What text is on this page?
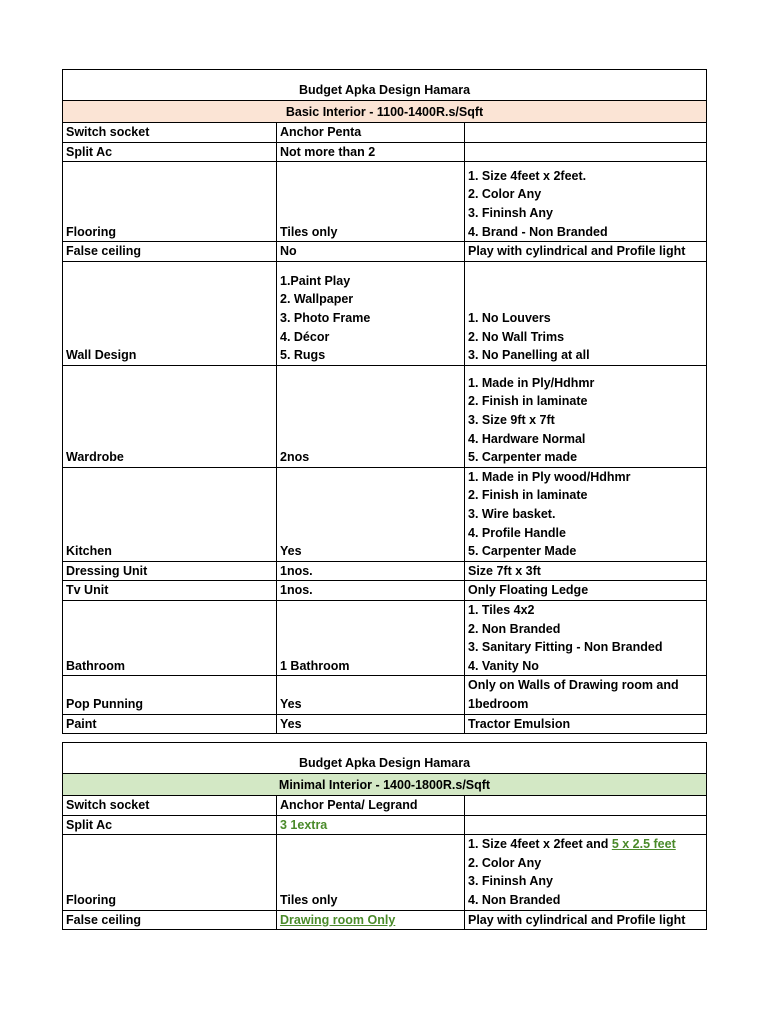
Budget Apka Design Hamara		
Basic Interior - 1100-1400R.s/Sqft		
Switch socket	Anchor Penta	
Split Ac	Not more than 2	
Flooring	Tiles only	1. Size 4feet x 2feet.
2. Color Any
3. Fininsh Any
4. Brand - Non Branded

False ceiling	No	Play with cylindrical and Profile light
Wall Design	1.Paint Play
2. Wallpaper
3. Photo Frame
4. Décor
5. Rugs	1. No Louvers
2. No Wall Trims
3. No Panelling at all

Wardrobe	2nos	1. Made in Ply/Hdhmr
2. Finish in laminate
3. Size 9ft x 7ft
4. Hardware Normal
5. Carpenter made

Kitchen	Yes	1. Made in Ply wood/Hdhmr
2. Finish in laminate
3. Wire basket.
4. Profile Handle
5. Carpenter Made

Dressing Unit	1nos.	Size 7ft x 3ft
Tv Unit	1nos.	Only Floating Ledge
Bathroom	1 Bathroom	1. Tiles 4x2
2. Non Branded
3. Sanitary Fitting - Non Branded
4. Vanity No

Pop Punning	Yes	Only on Walls of Drawing room and
1bedroom

Paint	Yes	Tractor Emulsion
Budget Apka Design Hamara		
Minimal Interior - 1400-1800R.s/Sqft		
Switch socket	Anchor Penta/ Legrand	
Split Ac	3 1extra	
Flooring	Tiles only	1. Size 4feet x 2feet and 5 x 2.5 feet
2. Color Any
3. Fininsh Any
4. Non Branded

False ceiling	Drawing room Only	Play with cylindrical and Profile light
